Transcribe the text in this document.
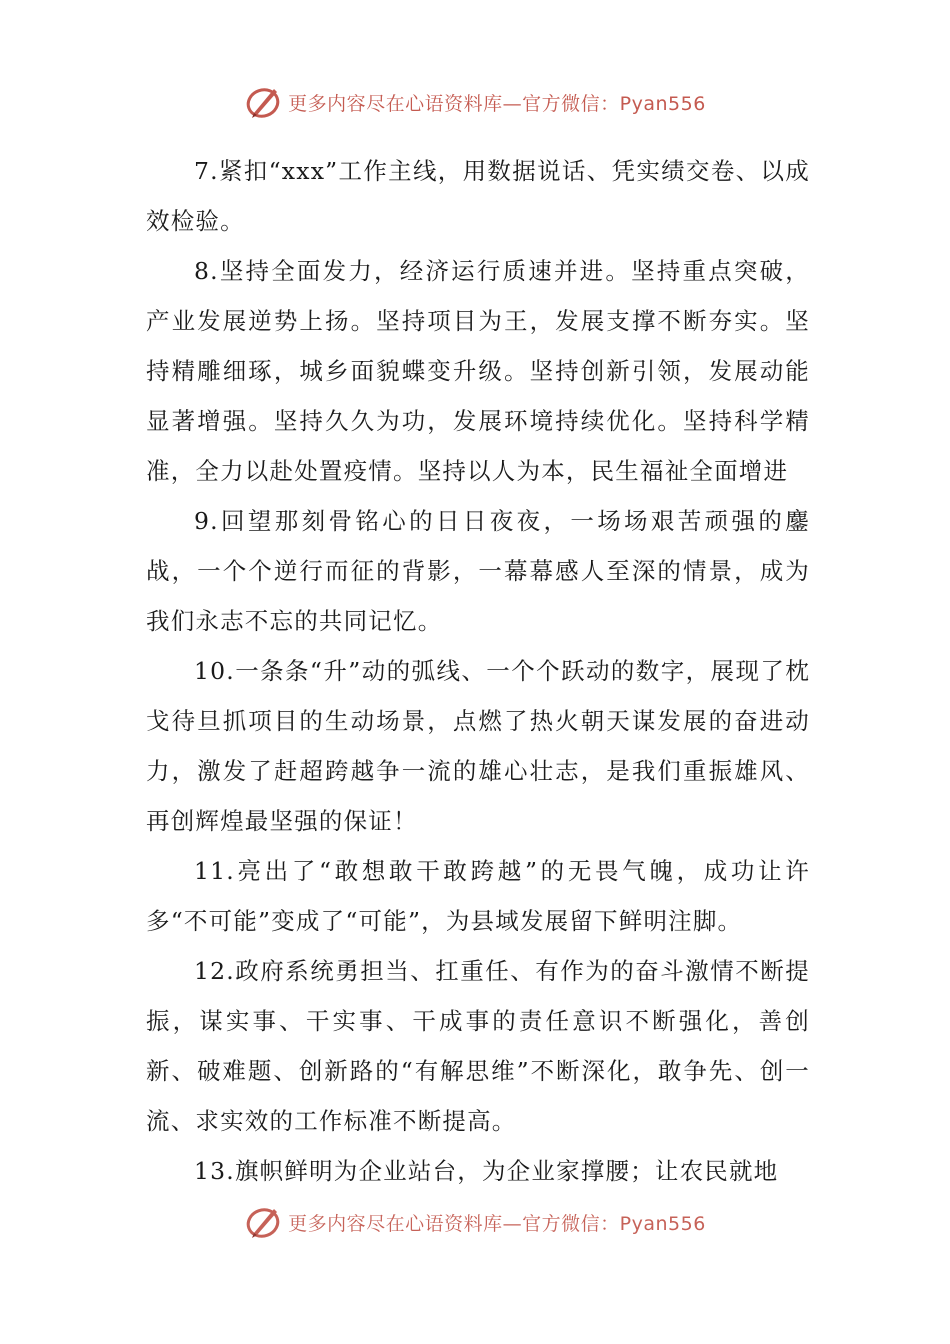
更多内容尽在心语资料库—官方微信：Pyan556

7.紧扣“xxx”工作主线，用数据说话、凭实绩交卷、以成效检验。

8.坚持全面发力，经济运行质速并进。坚持重点突破，产业发展逆势上扬。坚持项目为王，发展支撑不断夯实。坚持精雕细琢，城乡面貌蝶变升级。坚持创新引领，发展动能显著增强。坚持久久为功，发展环境持续优化。坚持科学精准，全力以赴处置疫情。坚持以人为本，民生福祉全面增进

9.回望那刻骨铭心的日日夜夜，一场场艰苦顽强的鏖战，一个个逆行而征的背影，一幕幕感人至深的情景，成为我们永志不忘的共同记忆。

10.一条条“升”动的弧线、一个个跃动的数字，展现了枕戈待旦抓项目的生动场景，点燃了热火朝天谋发展的奋进动力，激发了赶超跨越争一流的雄心壮志，是我们重振雄风、再创辉煌最坚强的保证！

11.亮出了“敢想敢干敢跨越”的无畏气魄，成功让许多“不可能”变成了“可能”，为县域发展留下鲜明注脚。

12.政府系统勇担当、扛重任、有作为的奋斗激情不断提振，谋实事、干实事、干成事的责任意识不断强化，善创新、破难题、创新路的“有解思维”不断深化，敢争先、创一流、求实效的工作标准不断提高。

13.旗帜鲜明为企业站台，为企业家撑腰；让农民就地

更多内容尽在心语资料库—官方微信：Pyan556
